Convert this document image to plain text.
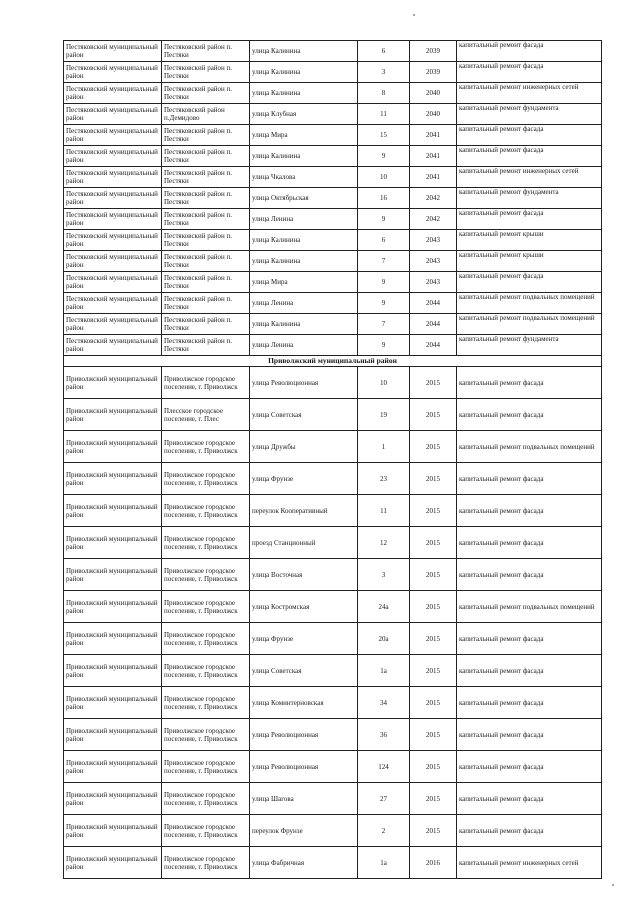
Пестяковский муниципальный район	Пестяковский район п. Пестяки	улица Калинина	6	2039	капитальный ремонт фасада
Пестяковский муниципальный район	Пестяковский район п. Пестяки	улица Калинина	3	2039	капитальный ремонт фасада
Пестяковский муниципальный район	Пестяковский район п. Пестяки	улица Калинина	8	2040	капитальный ремонт инженерных сетей
Пестяковский муниципальный район	Пестяковский район п.Демидово	улица Клубная	11	2040	капитальный ремонт фундамента
Пестяковский муниципальный район	Пестяковский район п. Пестяки	улица Мира	15	2041	капитальный ремонт фасада
Пестяковский муниципальный район	Пестяковский район п. Пестяки	улица Калинина	9	2041	капитальный ремонт фасада
Пестяковский муниципальный район	Пестяковский район п. Пестяки	улица Чкалова	10	2041	капитальный ремонт инженерных сетей
Пестяковский муниципальный район	Пестяковский район п. Пестяки	улица Октябрьская	16	2042	капитальный ремонт фундамента
Пестяковский муниципальный район	Пестяковский район п. Пестяки	улица Ленина	9	2042	капитальный ремонт фасада
Пестяковский муниципальный район	Пестяковский район п. Пестяки	улица Калинина	6	2043	капитальный ремонт крыши
Пестяковский муниципальный район	Пестяковский район п. Пестяки	улица Калинина	7	2043	капитальный ремонт крыши
Пестяковский муниципальный район	Пестяковский район п. Пестяки	улица Мира	9	2043	капитальный ремонт фасада
Пестяковский муниципальный район	Пестяковский район п. Пестяки	улица Ленина	9	2044	капитальный ремонт подвальных помещений
Пестяковский муниципальный район	Пестяковский район п. Пестяки	улица Калинина	7	2044	капитальный ремонт подвальных помещений
Пестяковский муниципальный район	Пестяковский район п. Пестяки	улица Ленина	9	2044	капитальный ремонт фундамента
Приволжский муниципальный район					
Приволжский муниципальный район	Приволжское городское поселение, г. Приволжск	улица Революционная	10	2015	капитальный ремонт фасада
Приволжский муниципальный район	Плесское городское поселение, г. Плес	улица Советская	19	2015	капитальный ремонт фасада
Приволжский муниципальный район	Приволжское городское поселение, г. Приволжск	улица Дружбы	1	2015	капитальный ремонт подвальных помещений
Приволжский муниципальный район	Приволжское городское поселение, г. Приволжск	улица Фрунзе	23	2015	капитальный ремонт фасада
Приволжский муниципальный район	Приволжское городское поселение, г. Приволжск	переулок Кооперативный	11	2015	капитальный ремонт фасада
Приволжский муниципальный район	Приволжское городское поселение, г. Приволжск	проезд Станционный	12	2015	капитальный ремонт фасада
Приволжский муниципальный район	Приволжское городское поселение, г. Приволжск	улица Восточная	3	2015	капитальный ремонт фасада
Приволжский муниципальный район	Приволжское городское поселение, г. Приволжск	улица Костромская	24а	2015	капитальный ремонт подвальных помещений
Приволжский муниципальный район	Приволжское городское поселение, г. Приволжск	улица Фрунзе	20а	2015	капитальный ремонт фасада
Приволжский муниципальный район	Приволжское городское поселение, г. Приволжск	улица Советская	1а	2015	капитальный ремонт фасада
Приволжский муниципальный район	Приволжское городское поселение, г. Приволжск	улица Коминтерновская	34	2015	капитальный ремонт фасада
Приволжский муниципальный район	Приволжское городское поселение, г. Приволжск	улица Революционная	36	2015	капитальный ремонт фасада
Приволжский муниципальный район	Приволжское городское поселение, г. Приволжск	улица Революционная	124	2015	капитальный ремонт фасада
Приволжский муниципальный район	Приволжское городское поселение, г. Приволжск	улица Шагова	27	2015	капитальный ремонт фасада
Приволжский муниципальный район	Приволжское городское поселение, г. Приволжск	переулок Фрунзе	2	2015	капитальный ремонт фасада
Приволжский муниципальный район	Приволжское городское поселение, г. Приволжск	улица Фабричная	1а	2016	капитальный ремонт инженерных сетей
